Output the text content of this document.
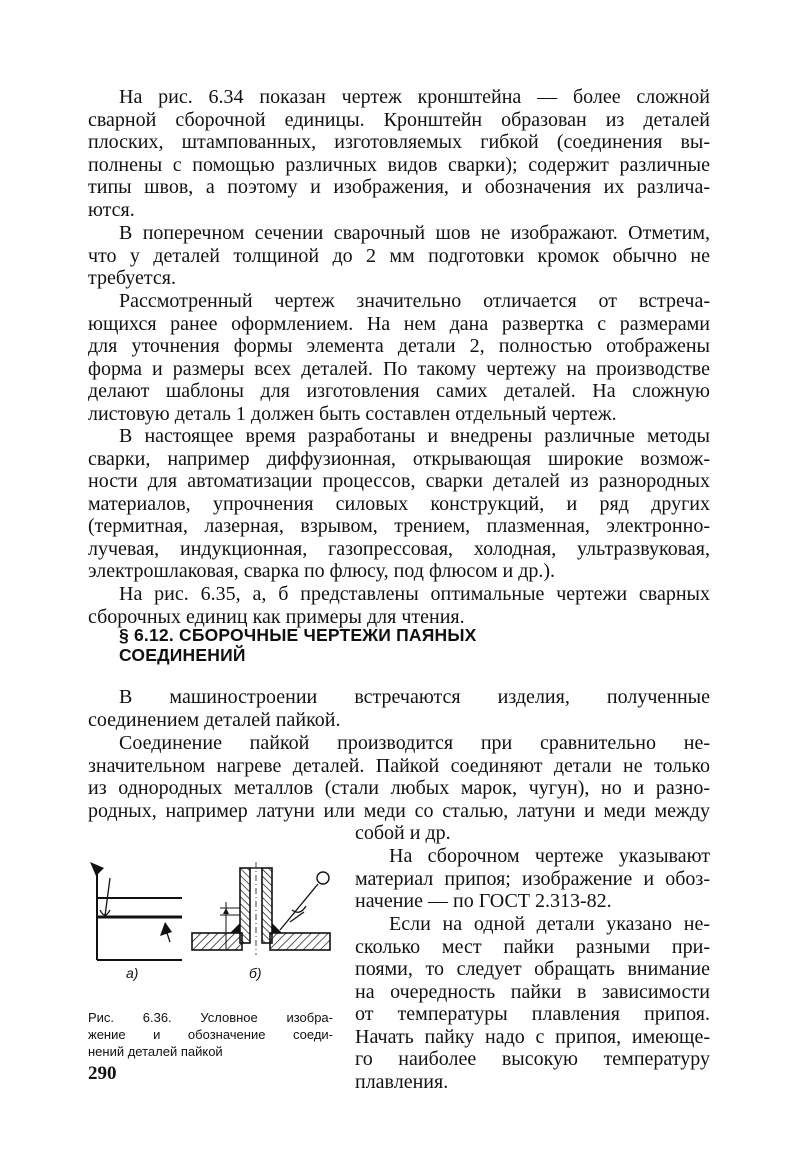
На рис. 6.34 показан чертеж кронштейна — более сложной
сварной сборочной единицы. Кронштейн образован из деталей
плоских, штампованных, изготовляемых гибкой (соединения вы-
полнены с помощью различных видов сварки); содержит различные
типы швов, а поэтому и изображения, и обозначения их различа-
ются.
В поперечном сечении сварочный шов не изображают. Отметим,
что у деталей толщиной до 2 мм подготовки кромок обычно не
требуется.
Рассмотренный чертеж значительно отличается от встреча-
ющихся ранее оформлением. На нем дана развертка с размерами
для уточнения формы элемента детали 2, полностью отображены
форма и размеры всех деталей. По такому чертежу на производстве
делают шаблоны для изготовления самих деталей. На сложную
листовую деталь 1 должен быть составлен отдельный чертеж.
В настоящее время разработаны и внедрены различные методы
сварки, например диффузионная, открывающая широкие возмож-
ности для автоматизации процессов, сварки деталей из разнородных
материалов, упрочнения силовых конструкций, и ряд других
(термитная, лазерная, взрывом, трением, плазменная, электронно-
лучевая, индукционная, газопрессовая, холодная, ультразвуковая,
электрошлаковая, сварка по флюсу, под флюсом и др.).
На рис. 6.35, а, б представлены оптимальные чертежи сварных
сборочных единиц как примеры для чтения.
§ 6.12. СБОРОЧНЫЕ ЧЕРТЕЖИ ПАЯНЫХ
СОЕДИНЕНИЙ
В машиностроении встречаются изделия, полученные
соединением деталей пайкой.
Соединение пайкой производится при сравнительно не-
значительном нагреве деталей. Пайкой соединяют детали не только
из однородных металлов (стали любых марок, чугун), но и разно-
родных, например латуни или меди со сталью, латуни и меди между
собой и др.
На сборочном чертеже указывают
материал припоя; изображение и обоз-
начение — по ГОСТ 2.313-82.
Если на одной детали указано не-
сколько мест пайки разными при-
поями, то следует обращать внимание
на очередность пайки в зависимости
от температуры плавления припоя.
Начать пайку надо с припоя, имеюще-
го наиболее высокую температуру
плавления.
а)	б)
Рис. 6.36. Условное изобра-
жение и обозначение соеди-
нений деталей пайкой
290
